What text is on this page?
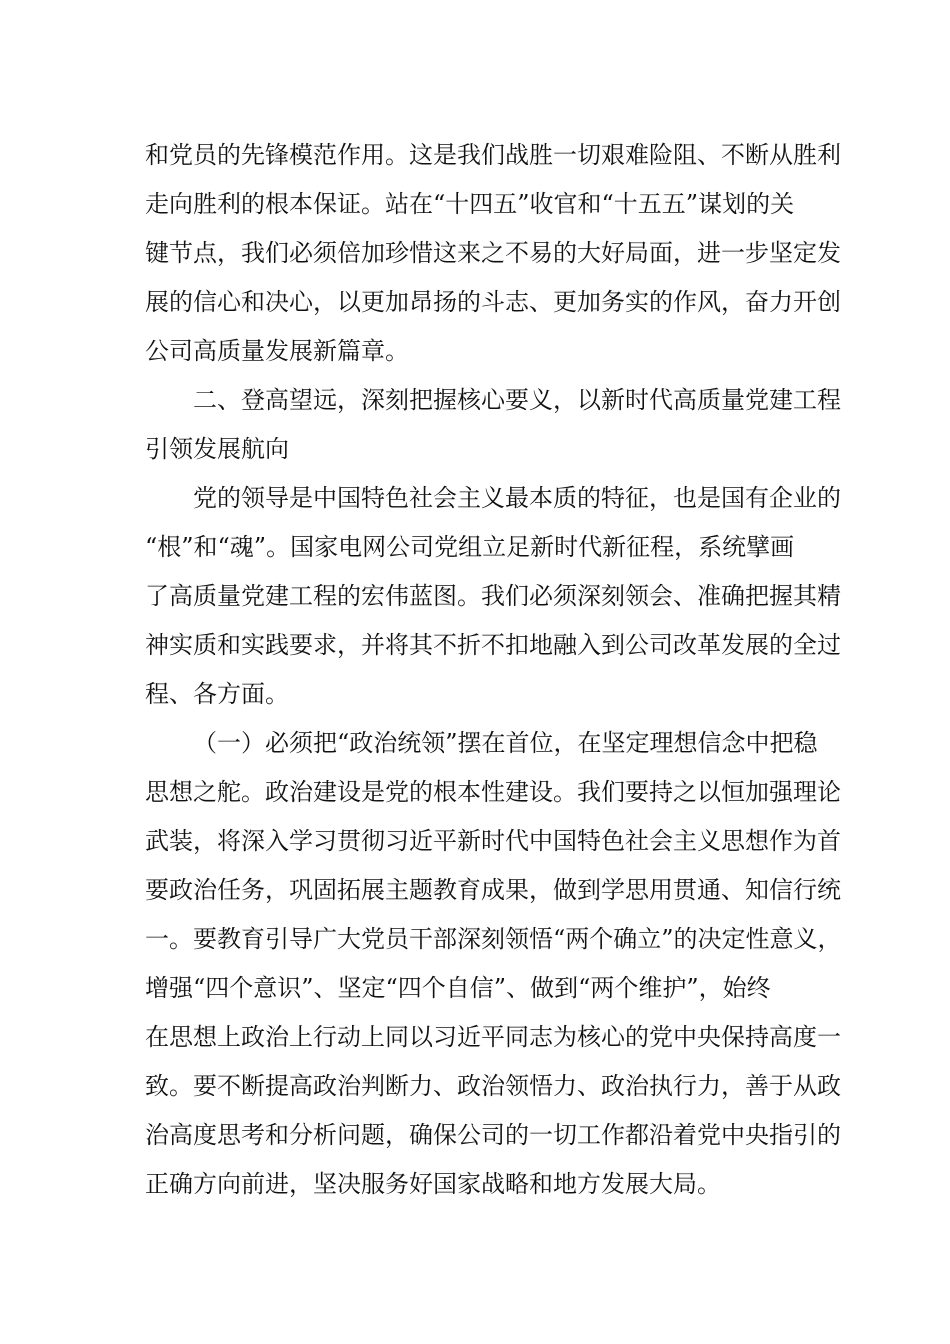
和党员的先锋模范作用。这是我们战胜一切艰难险阻、不断从胜利
走向胜利的根本保证。站在“十四五”收官和“十五五”谋划的关
键节点，我们必须倍加珍惜这来之不易的大好局面，进一步坚定发
展的信心和决心，以更加昂扬的斗志、更加务实的作风，奋力开创
公司高质量发展新篇章。
二、登高望远，深刻把握核心要义，以新时代高质量党建工程
引领发展航向
党的领导是中国特色社会主义最本质的特征，也是国有企业的
“根”和“魂”。国家电网公司党组立足新时代新征程，系统擘画
了高质量党建工程的宏伟蓝图。我们必须深刻领会、准确把握其精
神实质和实践要求，并将其不折不扣地融入到公司改革发展的全过
程、各方面。
（一）必须把“政治统领”摆在首位，在坚定理想信念中把稳
思想之舵。政治建设是党的根本性建设。我们要持之以恒加强理论
武装，将深入学习贯彻习近平新时代中国特色社会主义思想作为首
要政治任务，巩固拓展主题教育成果，做到学思用贯通、知信行统
一。要教育引导广大党员干部深刻领悟“两个确立”的决定性意义，
增强“四个意识”、坚定“四个自信”、做到“两个维护”，始终
在思想上政治上行动上同以习近平同志为核心的党中央保持高度一
致。要不断提高政治判断力、政治领悟力、政治执行力，善于从政
治高度思考和分析问题，确保公司的一切工作都沿着党中央指引的
正确方向前进，坚决服务好国家战略和地方发展大局。
